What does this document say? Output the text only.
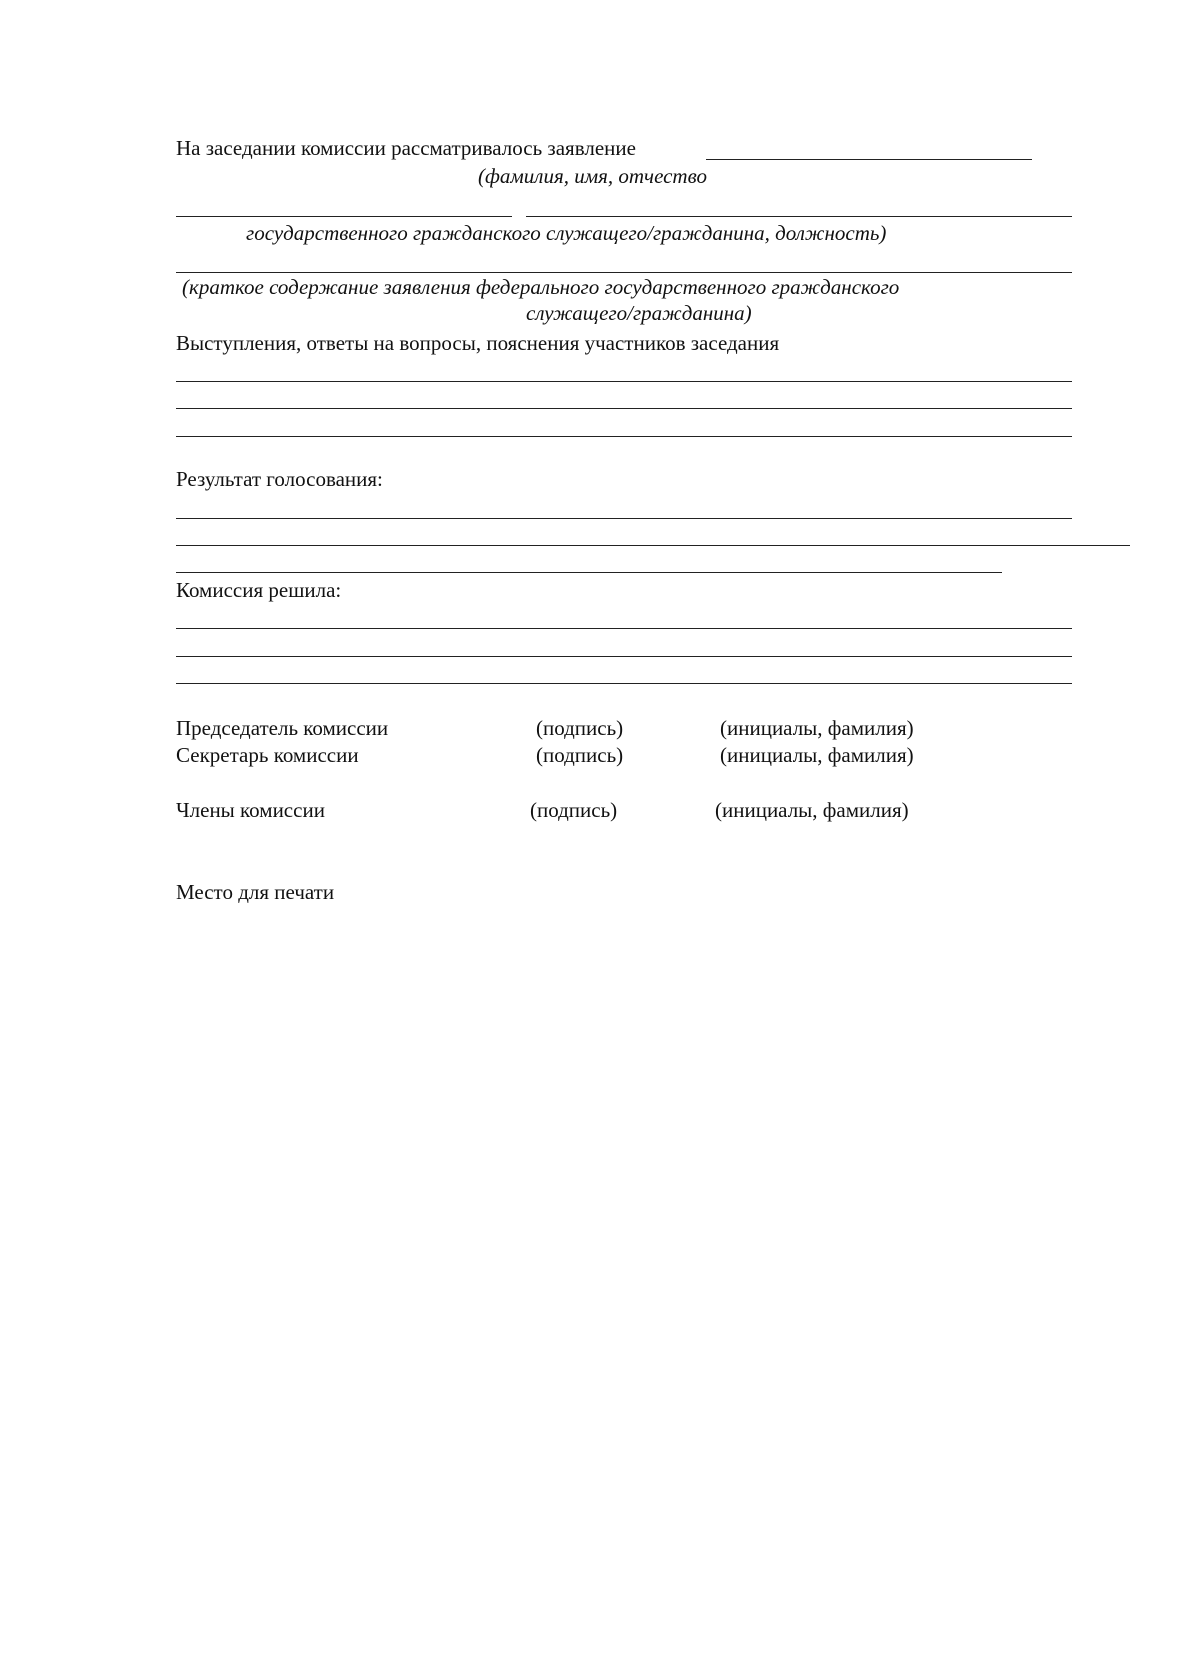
На заседании комиссии рассматривалось заявление
(фамилия, имя, отчество
государственного гражданского служащего/гражданина, должность)
(краткое содержание заявления федерального государственного гражданского
служащего/гражданина)
Выступления, ответы на вопросы, пояснения участников заседания
Результат голосования:
Комиссия решила:
Председатель комиссии	(подпись)	(инициалы, фамилия)
Секретарь комиссии	(подпись)	(инициалы, фамилия)
Члены комиссии	(подпись)	(инициалы, фамилия)
Место для печати
